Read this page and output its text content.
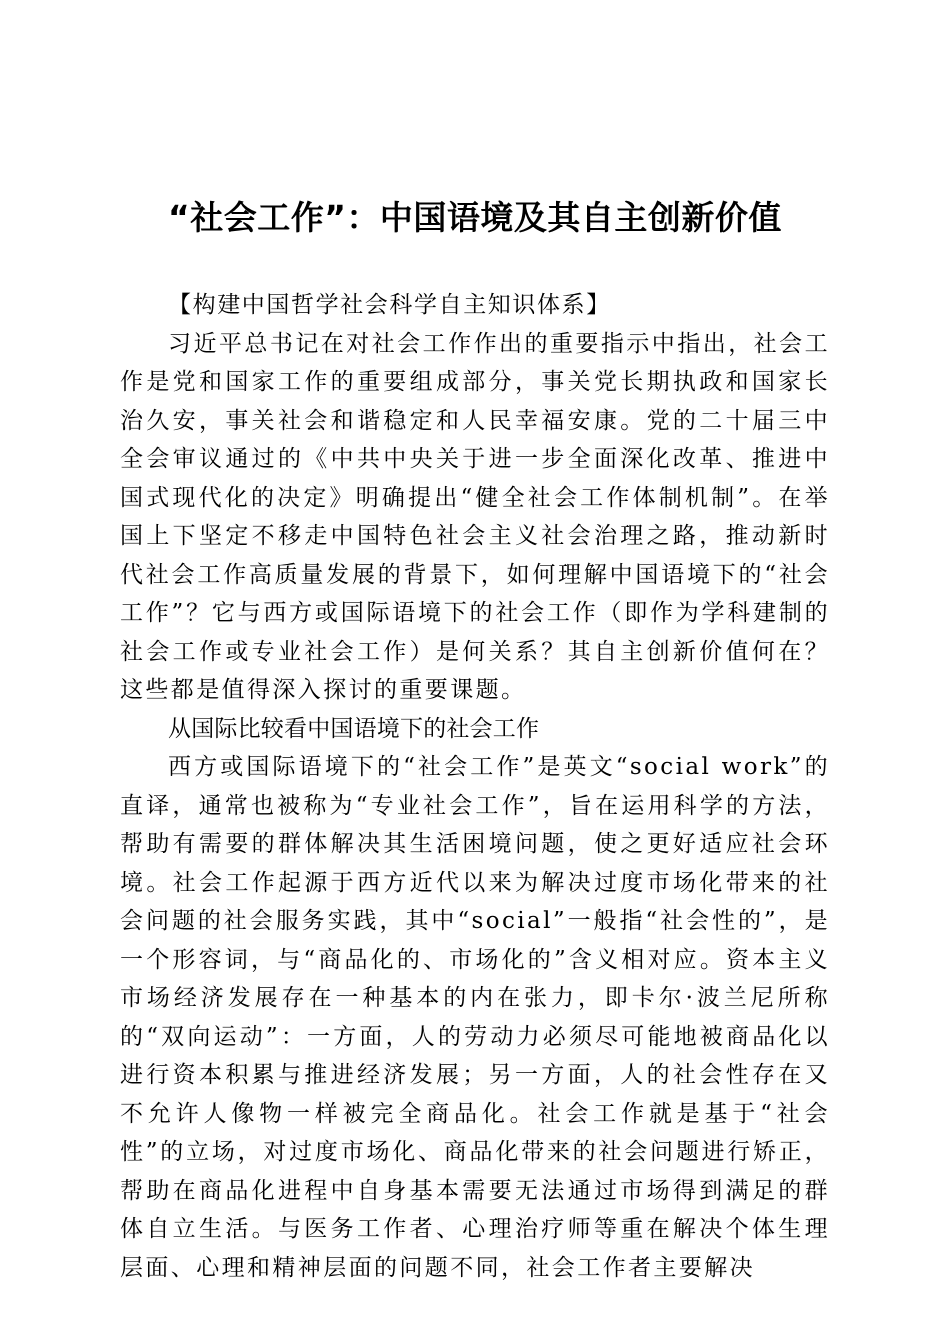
“社会工作”：中国语境及其自主创新价值

【构建中国哲学社会科学自主知识体系】

习近平总书记在对社会工作作出的重要指示中指出，社会工作是党和国家工作的重要组成部分，事关党长期执政和国家长治久安，事关社会和谐稳定和人民幸福安康。党的二十届三中全会审议通过的《中共中央关于进一步全面深化改革、推进中国式现代化的决定》明确提出“健全社会工作体制机制”。在举国上下坚定不移走中国特色社会主义社会治理之路，推动新时代社会工作高质量发展的背景下，如何理解中国语境下的“社会工作”？它与西方或国际语境下的社会工作（即作为学科建制的社会工作或专业社会工作）是何关系？其自主创新价值何在？这些都是值得深入探讨的重要课题。

从国际比较看中国语境下的社会工作

西方或国际语境下的“社会工作”是英文“social work”的直译，通常也被称为“专业社会工作”，旨在运用科学的方法，帮助有需要的群体解决其生活困境问题，使之更好适应社会环境。社会工作起源于西方近代以来为解决过度市场化带来的社会问题的社会服务实践，其中“social”一般指“社会性的”，是一个形容词，与“商品化的、市场化的”含义相对应。资本主义市场经济发展存在一种基本的内在张力，即卡尔·波兰尼所称的“双向运动”：一方面，人的劳动力必须尽可能地被商品化以进行资本积累与推进经济发展；另一方面，人的社会性存在又不允许人像物一样被完全商品化。社会工作就是基于“社会性”的立场，对过度市场化、商品化带来的社会问题进行矫正，帮助在商品化进程中自身基本需要无法通过市场得到满足的群体自立生活。与医务工作者、心理治疗师等重在解决个体生理层面、心理和精神层面的问题不同，社会工作者主要解决
